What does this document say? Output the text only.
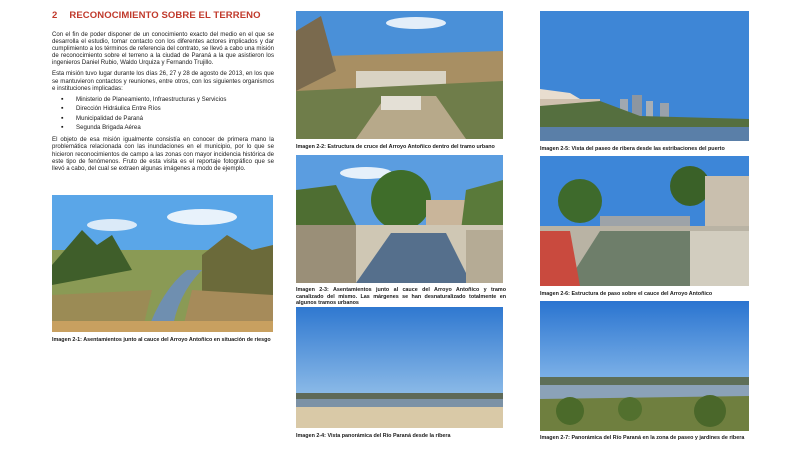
2 RECONOCIMIENTO SOBRE EL TERRENO

Con el fin de poder disponer de un conocimiento exacto del medio en el que se desarrolla el estudio, tomar contacto con los diferentes actores implicados y dar cumplimiento a los términos de referencia del contrato, se llevó a cabo una misión de reconocimiento sobre el terreno a la ciudad de Paraná a la que asistieron los ingenieros Daniel Rubio, Waldo Urquiza y Fernando Trujillo.

Esta misión tuvo lugar durante los días 26, 27 y 28 de agosto de 2013, en los que se mantuvieron contactos y reuniones, entre otros, con los siguientes organismos e instituciones implicadas:

▪ Ministerio de Planeamiento, Infraestructuras y Servicios
▪ Dirección Hidráulica Entre Ríos
▪ Municipalidad de Paraná
▪ Segunda Brigada Aérea

El objeto de esa misión igualmente consistía en conocer de primera mano la problemática relacionada con las inundaciones en el municipio, por lo que se hicieron reconocimientos de campo a las zonas con mayor incidencia histórica de este tipo de fenómenos. Fruto de esta visita es el reportaje fotográfico que se llevó a cabo, del cual se extraen algunas imágenes a modo de ejemplo.

Imagen 2-1: Asentamientos junto al cauce del Arroyo Antoñico en situación de riesgo
Imagen 2-2: Estructura de cruce del Arroyo Antoñico dentro del tramo urbano
Imagen 2-3: Asentamientos junto al cauce del Arroyo Antoñico y tramo canalizado del mismo. Las márgenes se han desnaturalizado totalmente en algunos tramos urbanos
Imagen 2-4: Vista panorámica del Río Paraná desde la ribera
Imagen 2-5: Vista del paseo de ribera desde las estribaciones del puerto
Imagen 2-6: Estructura de paso sobre el cauce del Arroyo Antoñico
Imagen 2-7: Panorámica del Río Paraná en la zona de paseo y jardines de ribera
